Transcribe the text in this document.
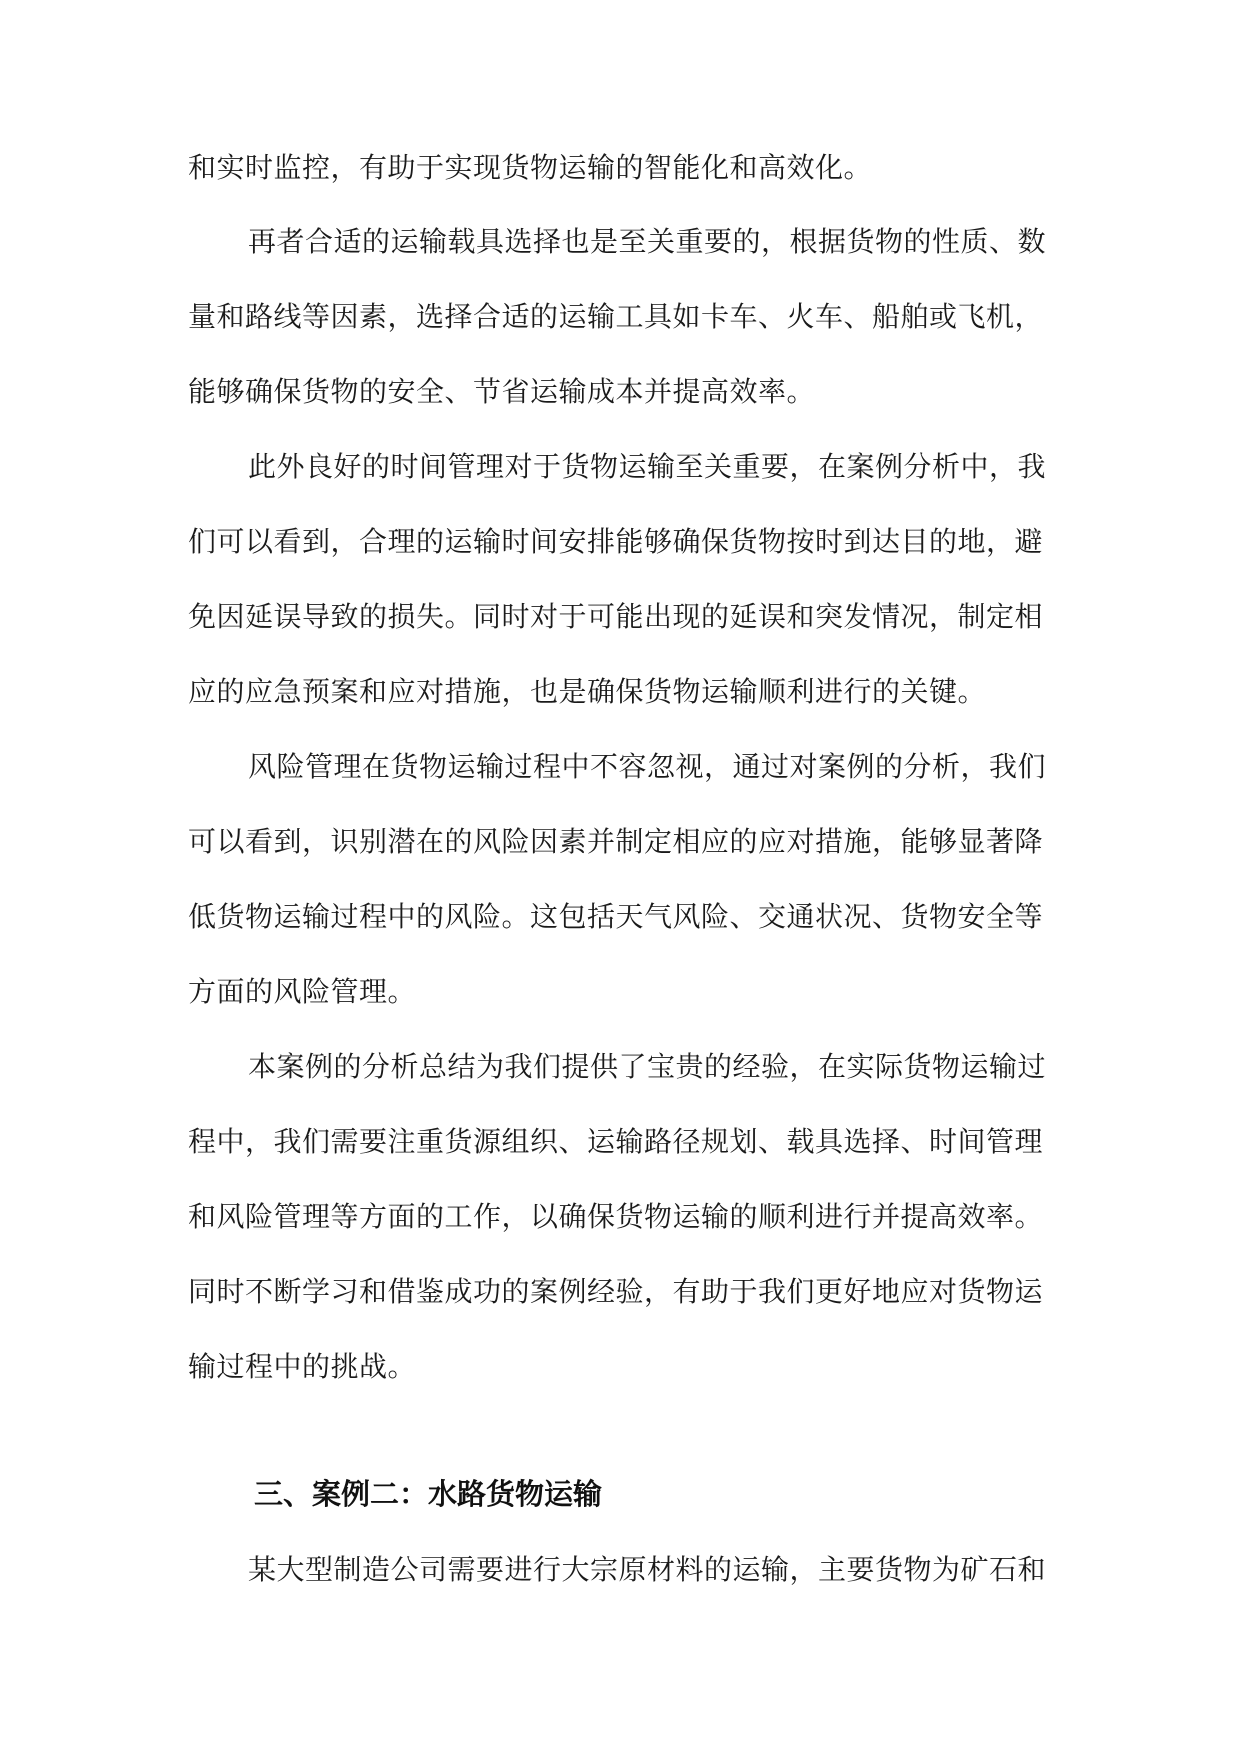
和实时监控，有助于实现货物运输的智能化和高效化。
再者合适的运输载具选择也是至关重要的，根据货物的性质、数
量和路线等因素，选择合适的运输工具如卡车、火车、船舶或飞机，
能够确保货物的安全、节省运输成本并提高效率。
此外良好的时间管理对于货物运输至关重要，在案例分析中，我
们可以看到，合理的运输时间安排能够确保货物按时到达目的地，避
免因延误导致的损失。同时对于可能出现的延误和突发情况，制定相
应的应急预案和应对措施，也是确保货物运输顺利进行的关键。
风险管理在货物运输过程中不容忽视，通过对案例的分析，我们
可以看到，识别潜在的风险因素并制定相应的应对措施，能够显著降
低货物运输过程中的风险。这包括天气风险、交通状况、货物安全等
方面的风险管理。
本案例的分析总结为我们提供了宝贵的经验，在实际货物运输过
程中，我们需要注重货源组织、运输路径规划、载具选择、时间管理
和风险管理等方面的工作，以确保货物运输的顺利进行并提高效率。
同时不断学习和借鉴成功的案例经验，有助于我们更好地应对货物运
输过程中的挑战。
某大型制造公司需要进行大宗原材料的运输，主要货物为矿石和
三、案例二：水路货物运输
